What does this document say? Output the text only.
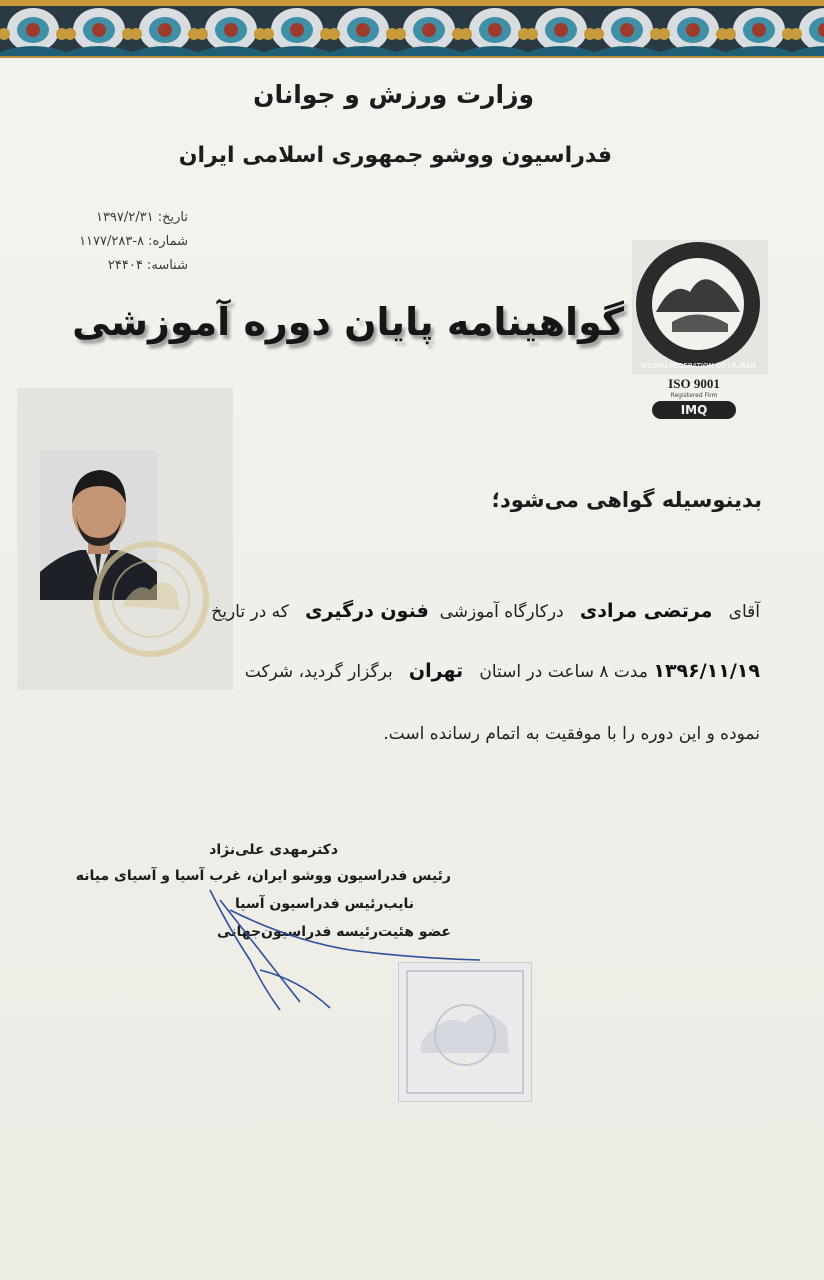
وزارت ورزش و جوانان
فدراسیون ووشو جمهوری اسلامی ایران
تاریخ: ۱۳۹۷/۲/۳۱
شماره: ۸-۱۱۷۷/۲۸۳
شناسه: ۲۴۴۰۴
WUSHU FEDERATION OF I.R.IRAN
ISO 9001
Registered Firm
IMQ
گواهینامه پایان دوره آموزشی
بدینوسیله گواهی می‌شود؛
آقای   مرتضی مرادی   درکارگاه آموزشی  فنون درگیری   که در تاریخ
۱۳۹۶/۱۱/۱۹ مدت ۸ ساعت در استان   تهران   برگزار گردید، شرکت
نموده و این دوره را با موفقیت به اتمام رسانده است.
دکترمهدی علی‌نژاد
رئیس فدراسیون ووشو ایران، غرب آسیا و آسیای میانه
نایب‌رئیس فدراسیون آسیا
عضو هئیت‌رئیسه فدراسیون‌جهانی
